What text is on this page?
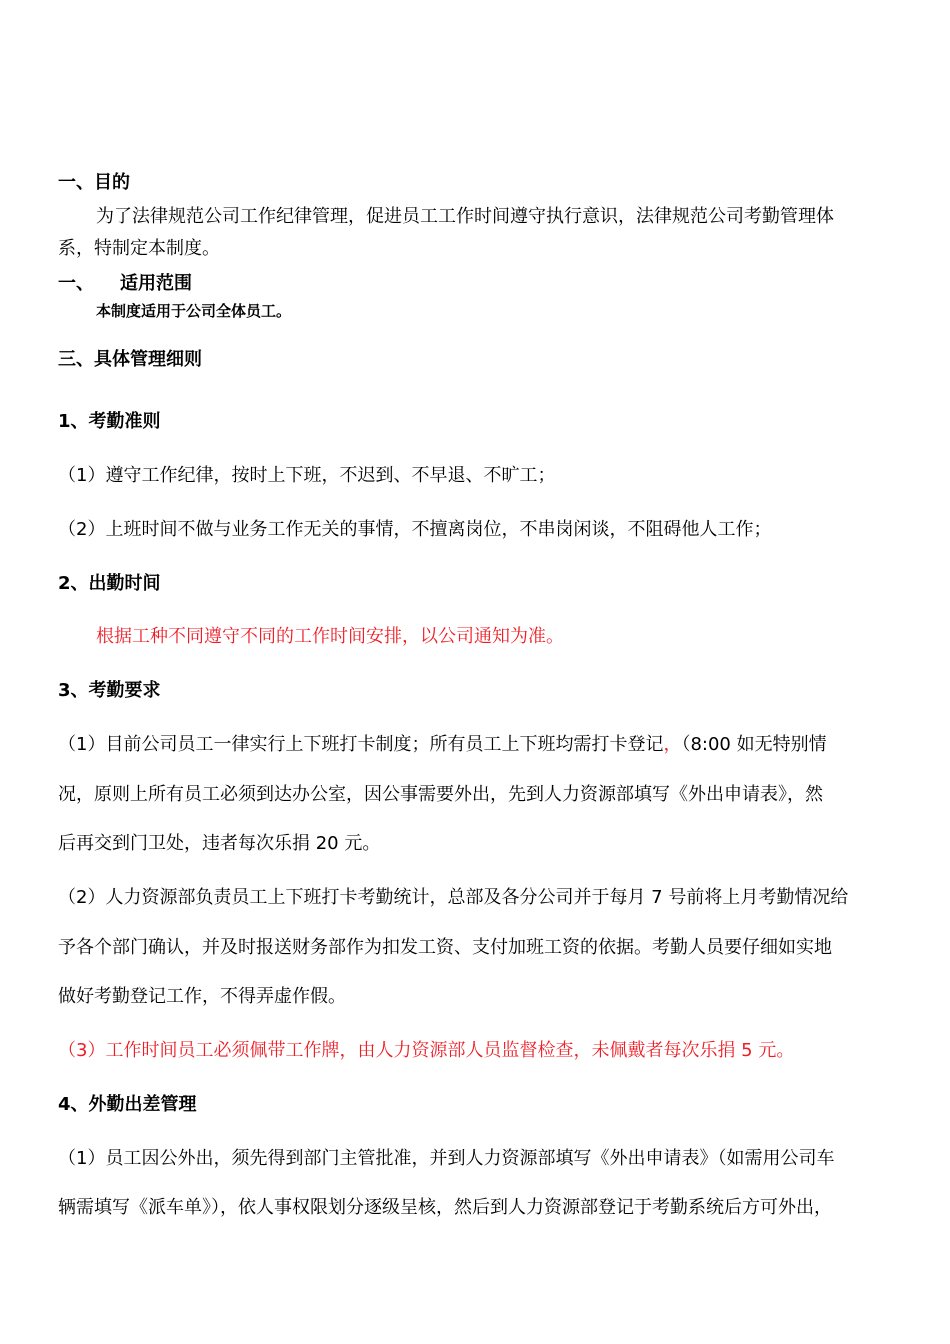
一、目的
为了法律规范公司工作纪律管理，促进员工工作时间遵守执行意识，法律规范公司考勤管理体
系，特制定本制度。
一、 适用范围
本制度适用于公司全体员工。
三、具体管理细则
1、考勤准则
（1）遵守工作纪律，按时上下班，不迟到、不早退、不旷工；
（2）上班时间不做与业务工作无关的事情，不擅离岗位，不串岗闲谈，不阻碍他人工作；
2、出勤时间
根据工种不同遵守不同的工作时间安排，以公司通知为准。
3、考勤要求
（1）目前公司员工一律实行上下班打卡制度；所有员工上下班均需打卡登记，（8:00 如无特别情
况，原则上所有员工必须到达办公室，因公事需要外出，先到人力资源部填写《外出申请表》，然
后再交到门卫处，违者每次乐捐 20 元。
（2）人力资源部负责员工上下班打卡考勤统计，总部及各分公司并于每月 7 号前将上月考勤情况给
予各个部门确认，并及时报送财务部作为扣发工资、支付加班工资的依据。考勤人员要仔细如实地
做好考勤登记工作，不得弄虚作假。
（3）工作时间员工必须佩带工作牌，由人力资源部人员监督检查，未佩戴者每次乐捐 5 元。
4、外勤出差管理
（1）员工因公外出，须先得到部门主管批准，并到人力资源部填写《外出申请表》（如需用公司车
辆需填写《派车单》），依人事权限划分逐级呈核，然后到人力资源部登记于考勤系统后方可外出，
